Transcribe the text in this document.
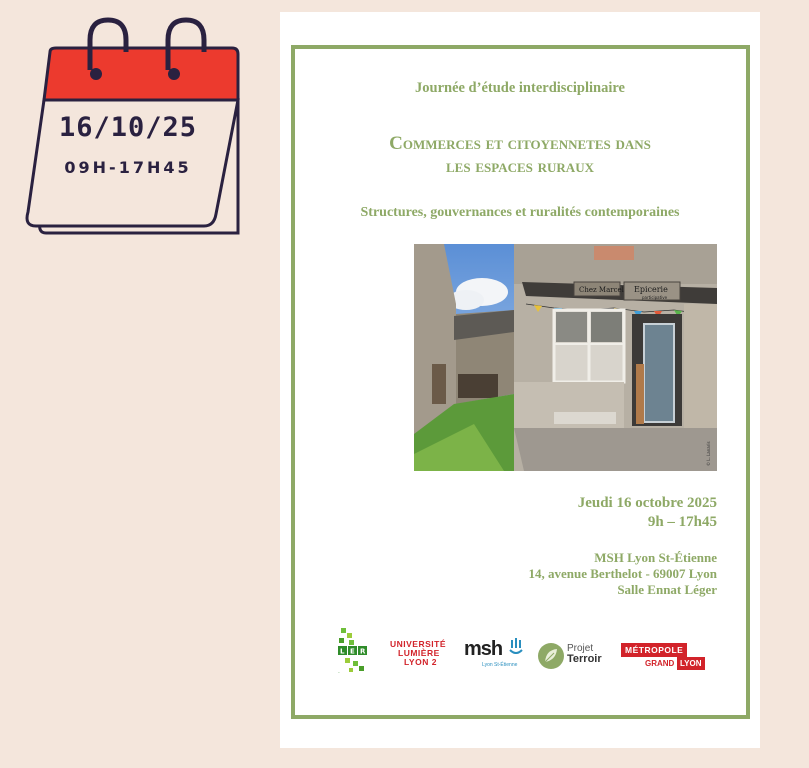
16/10/25
09H-17H45
Journée d’étude interdisciplinaire
Commerces et citoyennetes dans
les espaces ruraux
Structures, gouvernances et ruralités contemporaines
Chez Marcel Epicerie
participative
© L. Lanaris
Jeudi 16 octobre 2025
9h – 17h45
MSH Lyon St-Étienne
14, avenue Berthelot - 69007 Lyon
Salle Ennat Léger
L E R
LER
UNIVERSITÉ
LUMIÈRE
LYON 2
msh
Lyon St-Étienne
Projet
Terroir
MÉTROPOLE
GRAND LYON
